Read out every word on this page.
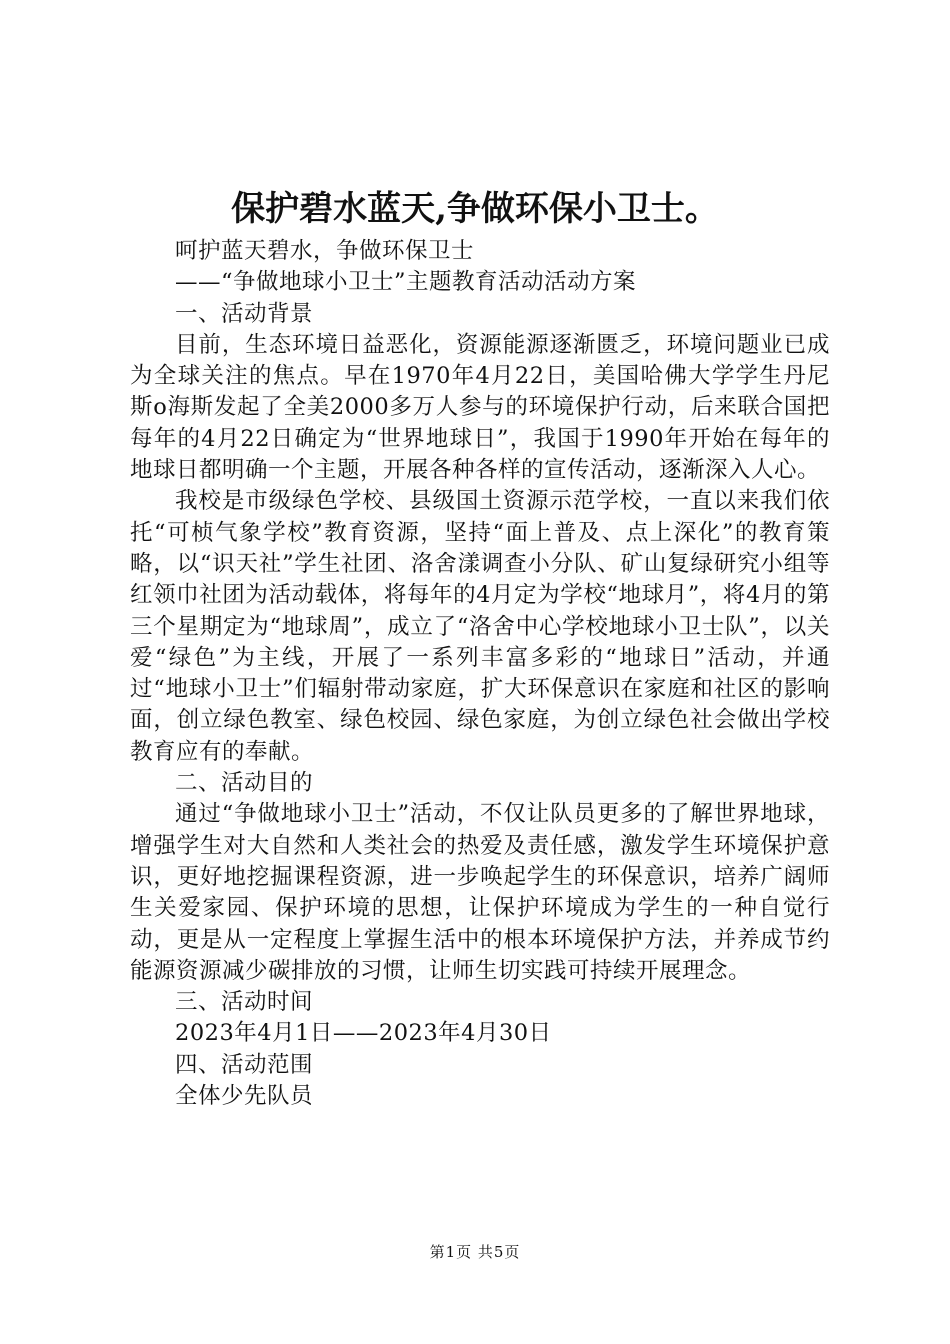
保护碧水蓝天,争做环保小卫士。

呵护蓝天碧水，争做环保卫士

——“争做地球小卫士”主题教育活动活动方案

一、活动背景

目前，生态环境日益恶化，资源能源逐渐匮乏，环境问题业已成为全球关注的焦点。早在1970年4月22日，美国哈佛大学学生丹尼斯o海斯发起了全美2000多万人参与的环境保护行动，后来联合国把每年的4月22日确定为“世界地球日”，我国于1990年开始在每年的地球日都明确一个主题，开展各种各样的宣传活动，逐渐深入人心。

我校是市级绿色学校、县级国土资源示范学校，一直以来我们依托“可桢气象学校”教育资源，坚持“面上普及、点上深化”的教育策略，以“识天社”学生社团、洛舍漾调查小分队、矿山复绿研究小组等红领巾社团为活动载体，将每年的4月定为学校“地球月”，将4月的第三个星期定为“地球周”，成立了“洛舍中心学校地球小卫士队”，以关爱“绿色”为主线，开展了一系列丰富多彩的“地球日”活动，并通过“地球小卫士”们辐射带动家庭，扩大环保意识在家庭和社区的影响面，创立绿色教室、绿色校园、绿色家庭，为创立绿色社会做出学校教育应有的奉献。

二、活动目的

通过“争做地球小卫士”活动，不仅让队员更多的了解世界地球，增强学生对大自然和人类社会的热爱及责任感，激发学生环境保护意识，更好地挖掘课程资源，进一步唤起学生的环保意识，培养广阔师生关爱家园、保护环境的思想，让保护环境成为学生的一种自觉行动，更是从一定程度上掌握生活中的根本环境保护方法，并养成节约能源资源减少碳排放的习惯，让师生切实践可持续开展理念。

三、活动时间

2023年4月1日——2023年4月30日

四、活动范围

全体少先队员

第1页 共5页
